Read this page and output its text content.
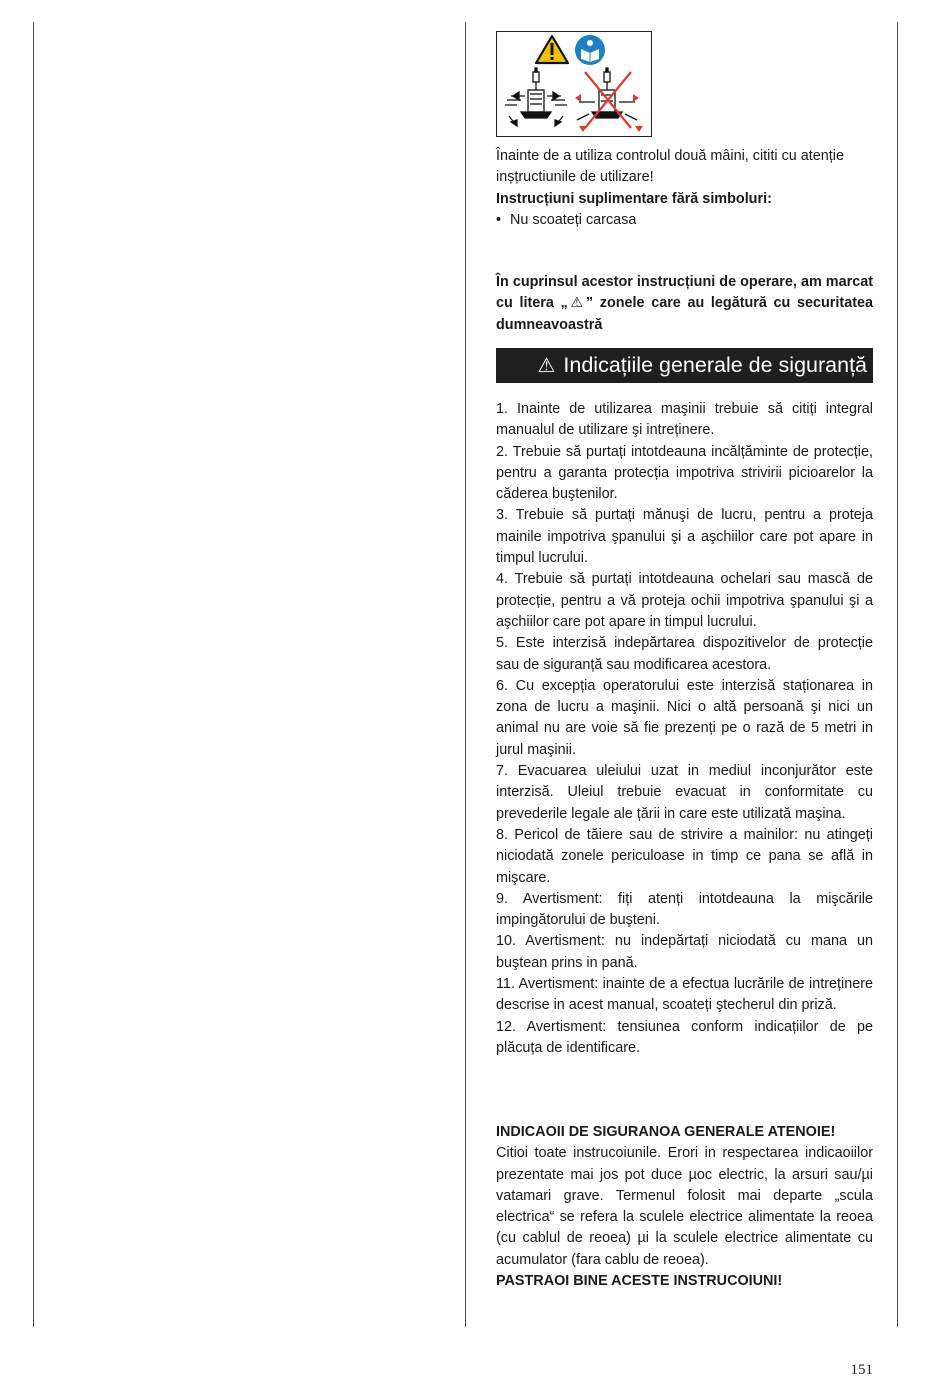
Înainte de a utiliza controlul două mâini, cititi cu atenție inșțructiunile de utilizare!
Instrucțiuni suplimentare fără simboluri:
• Nu scoateți carcasa
În cuprinsul acestor instrucțiuni de operare, am marcat cu litera „⚠” zonele care au legătură cu securitatea dumneavoastră
⚠ Indicațiile generale de siguranță

1. Inainte de utilizarea maşinii trebuie să citiți integral manualul de utilizare şi intreținere.

2. Trebuie să purtați intotdeauna incălțăminte de protecție, pentru a garanta protecția impotriva strivirii picioarelor la căderea buştenilor.

3. Trebuie să purtați mănuşi de lucru, pentru a proteja mainile impotriva şpanului şi a aşchiilor care pot apare in timpul lucrului.

4. Trebuie să purtați intotdeauna ochelari sau mască de protecție, pentru a vă proteja ochii impotriva şpanului şi a aşchiilor care pot apare in timpul lucrului.

5. Este interzisă indepărtarea dispozitivelor de protecție sau de siguranță sau modificarea acestora.

6. Cu excepția operatorului este interzisă staționarea in zona de lucru a maşinii. Nici o altă persoană şi nici un animal nu are voie să fie prezenți pe o rază de 5 metri in jurul maşinii.

7. Evacuarea uleiului uzat in mediul inconjurător este interzisă. Uleiul trebuie evacuat in conformitate cu prevederile legale ale țării in care este utilizată maşina.

8. Pericol de tăiere sau de strivire a mainilor: nu atingeți niciodată zonele periculoase in timp ce pana se află in mişcare.

9. Avertisment: fiți atenți intotdeauna la mişcările impingătorului de buşteni.

10. Avertisment: nu indepărtați niciodată cu mana un buştean prins in pană.

11. Avertisment: inainte de a efectua lucrările de intreținere descrise in acest manual, scoateți ştecherul din priză.

12. Avertisment: tensiunea conform indicațiilor de pe plăcuța de identificare.

INDICAOII DE SIGURANOA GENERALE ATENOIE!
Citioi toate instrucoiunile. Erori in respectarea indicaoiilor prezentate mai jos pot duce µoc electric, la arsuri sau/µi vatamari grave. Termenul folosit mai departe „scula electrica“ se refera la sculele electrice alimentate la reoea (cu cablul de reoea) µi la sculele electrice alimentate cu acumulator (fara cablu de reoea).
PASTRAOI BINE ACESTE INSTRUCOIUNI!
151
